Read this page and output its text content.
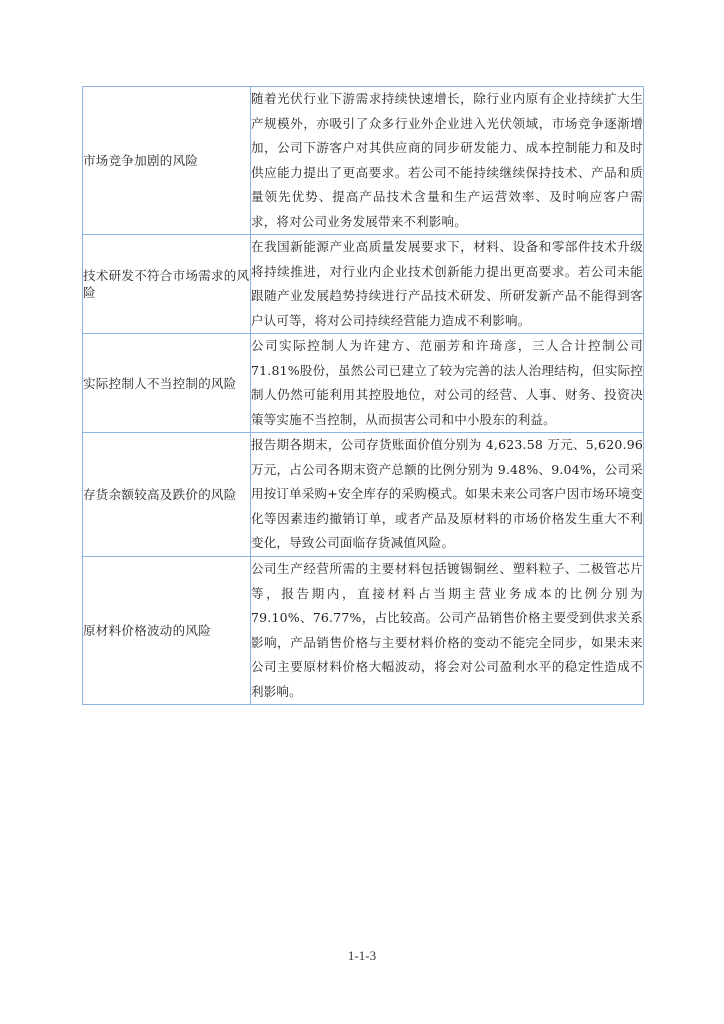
市场竞争加剧的风险	随着光伏行业下游需求持续快速增长，除行业内原有企业持续扩大生产规模外，亦吸引了众多行业外企业进入光伏领域，市场竞争逐渐增加，公司下游客户对其供应商的同步研发能力、成本控制能力和及时供应能力提出了更高要求。若公司不能持续继续保持技术、产品和质量领先优势、提高产品技术含量和生产运营效率、及时响应客户需求，将对公司业务发展带来不利影响。
技术研发不符合市场需求的风险	在我国新能源产业高质量发展要求下，材料、设备和零部件技术升级将持续推进，对行业内企业技术创新能力提出更高要求。若公司未能跟随产业发展趋势持续进行产品技术研发、所研发新产品不能得到客户认可等，将对公司持续经营能力造成不利影响。
实际控制人不当控制的风险	公司实际控制人为许建方、范丽芳和许琦彦，三人合计控制公司71.81%股份，虽然公司已建立了较为完善的法人治理结构，但实际控制人仍然可能利用其控股地位，对公司的经营、人事、财务、投资决策等实施不当控制，从而损害公司和中小股东的利益。
存货余额较高及跌价的风险	报告期各期末，公司存货账面价值分别为 4,623.58 万元、5,620.96 万元，占公司各期末资产总额的比例分别为 9.48%、9.04%，公司采用按订单采购+安全库存的采购模式。如果未来公司客户因市场环境变化等因素违约撤销订单，或者产品及原材料的市场价格发生重大不利变化，导致公司面临存货减值风险。
原材料价格波动的风险	公司生产经营所需的主要材料包括镀锡铜丝、塑料粒子、二极管芯片等，报告期内，直接材料占当期主营业务成本的比例分别为 79.10%、76.77%，占比较高。公司产品销售价格主要受到供求关系影响，产品销售价格与主要材料价格的变动不能完全同步，如果未来公司主要原材料价格大幅波动，将会对公司盈利水平的稳定性造成不利影响。
1-1-3
